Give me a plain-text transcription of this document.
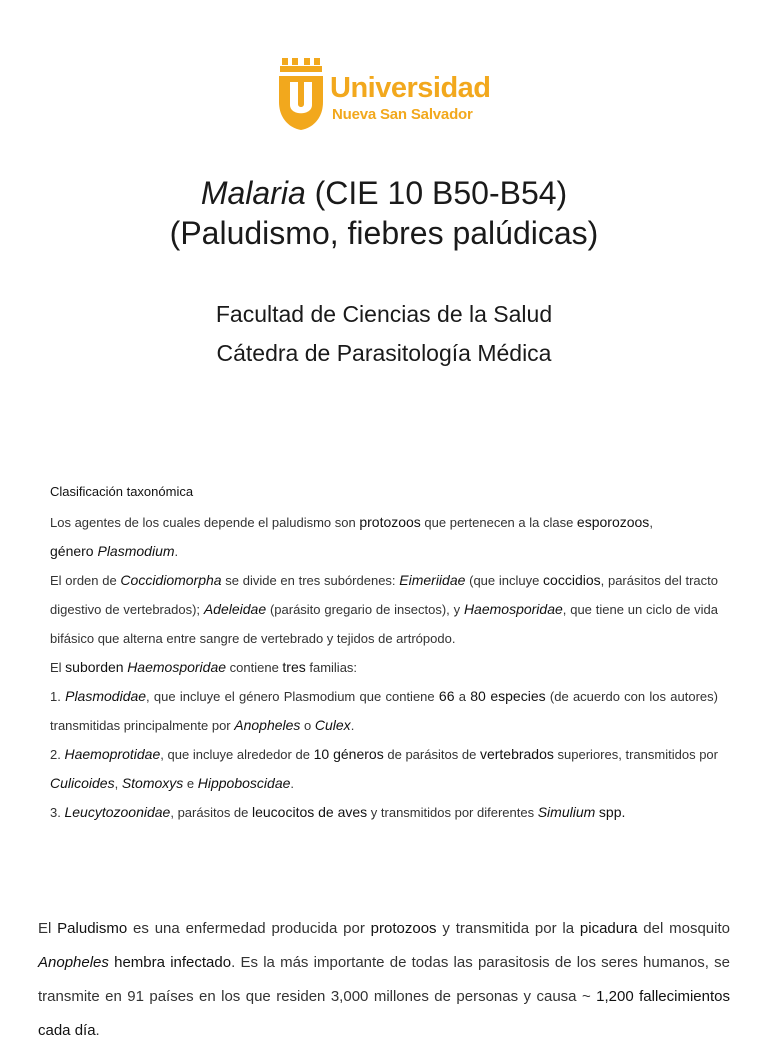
Universidad
Nueva San Salvador
Malaria (CIE 10 B50-B54)
(Paludismo, fiebres palúdicas)
Facultad de Ciencias de la Salud
Cátedra de Parasitología Médica
Clasificación taxonómica
Los agentes de los cuales depende el paludismo son protozoos que pertenecen a la clase esporozoos,
género Plasmodium.
El orden de Coccidiomorpha se divide en tres subórdenes: Eimeriidae (que incluye coccidios, parásitos del tracto digestivo de vertebrados); Adeleidae (parásito gregario de insectos), y Haemosporidae, que tiene un ciclo de vida bifásico que alterna entre sangre de vertebrado y tejidos de artrópodo.
El suborden Haemosporidae contiene tres familias:
1. Plasmodidae, que incluye el género Plasmodium que contiene 66 a 80 especies (de acuerdo con los autores) transmitidas principalmente por Anopheles o Culex.
2. Haemoprotidae, que incluye alrededor de 10 géneros de parásitos de vertebrados superiores, transmitidos por Culicoides, Stomoxys e Hippoboscidae.
3. Leucytozoonidae, parásitos de leucocitos de aves y transmitidos por diferentes Simulium spp.
El Paludismo es una enfermedad producida por protozoos y transmitida por la picadura del mosquito Anopheles hembra infectado. Es la más importante de todas las parasitosis de los seres humanos, se transmite en 91 países en los que residen 3,000 millones de personas y causa ~ 1,200 fallecimientos cada día.
